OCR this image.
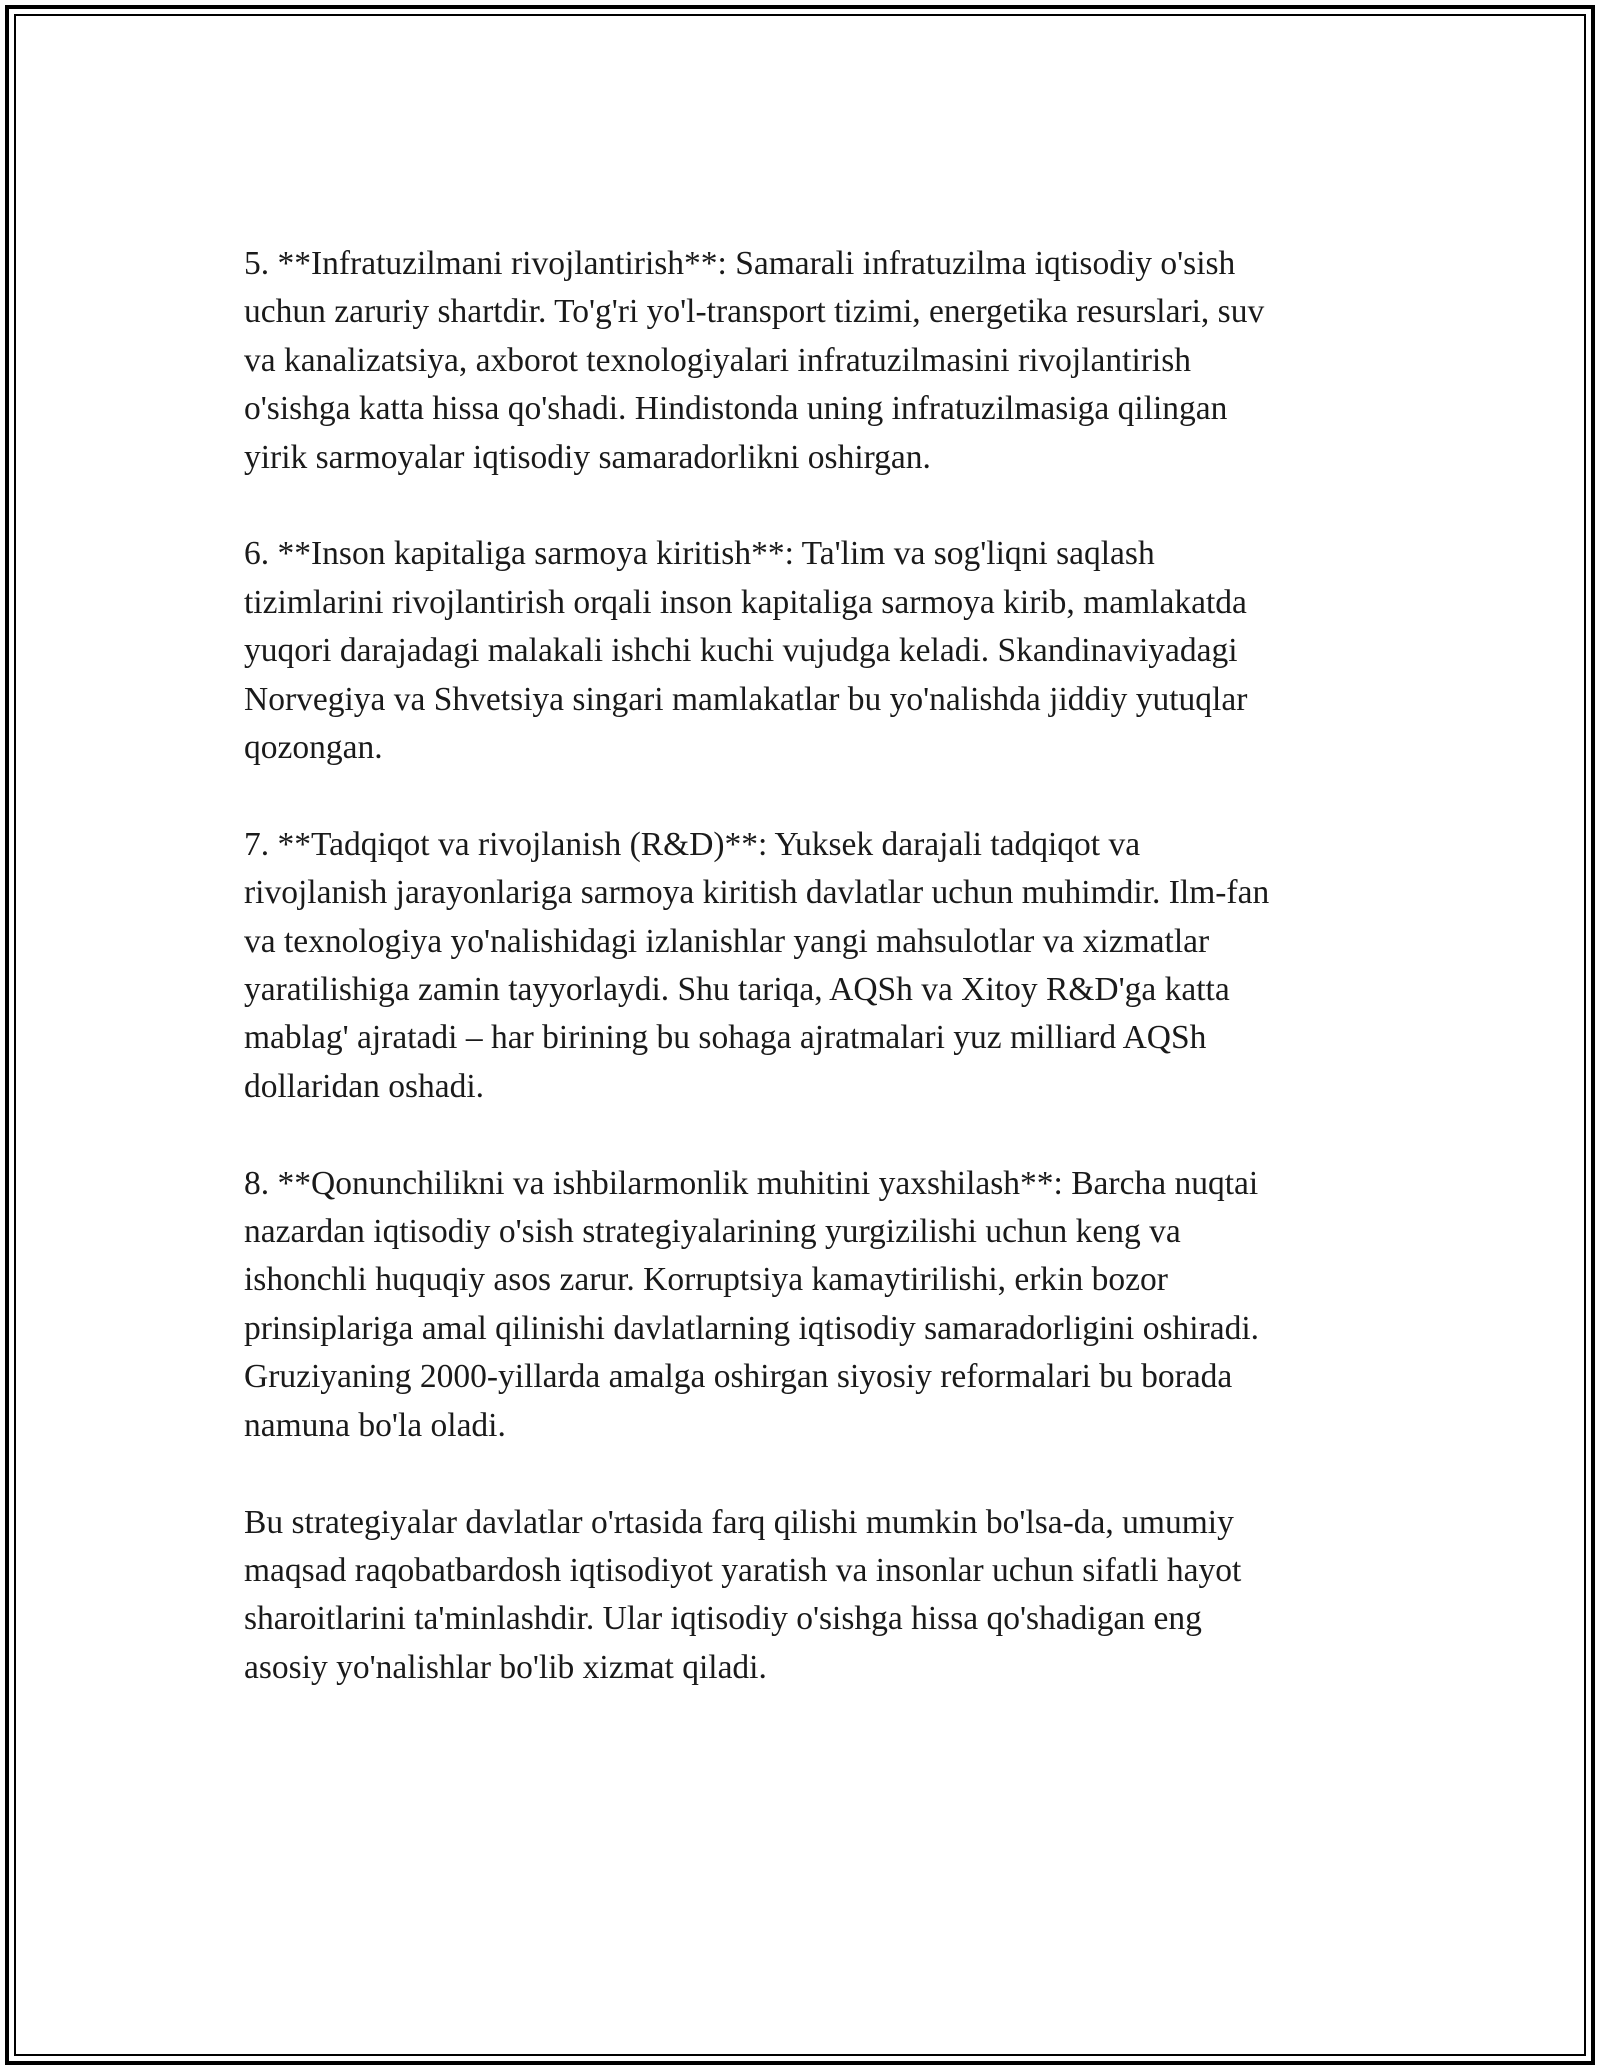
5. **Infratuzilmani rivojlantirish**: Samarali infratuzilma iqtisodiy o'sish
uchun zaruriy shartdir. To'g'ri yo'l-transport tizimi, energetika resurslari, suv
va kanalizatsiya, axborot texnologiyalari infratuzilmasini rivojlantirish
o'sishga katta hissa qo'shadi. Hindistonda uning infratuzilmasiga qilingan
yirik sarmoyalar iqtisodiy samaradorlikni oshirgan.

6. **Inson kapitaliga sarmoya kiritish**: Ta'lim va sog'liqni saqlash
tizimlarini rivojlantirish orqali inson kapitaliga sarmoya kirib, mamlakatda
yuqori darajadagi malakali ishchi kuchi vujudga keladi. Skandinaviyadagi
Norvegiya va Shvetsiya singari mamlakatlar bu yo'nalishda jiddiy yutuqlar
qozongan.

7. **Tadqiqot va rivojlanish (R&D)**: Yuksek darajali tadqiqot va
rivojlanish jarayonlariga sarmoya kiritish davlatlar uchun muhimdir. Ilm-fan
va texnologiya yo'nalishidagi izlanishlar yangi mahsulotlar va xizmatlar
yaratilishiga zamin tayyorlaydi. Shu tariqa, AQSh va Xitoy R&D'ga katta
mablag' ajratadi – har birining bu sohaga ajratmalari yuz milliard AQSh
dollaridan oshadi.

8. **Qonunchilikni va ishbilarmonlik muhitini yaxshilash**: Barcha nuqtai
nazardan iqtisodiy o'sish strategiyalarining yurgizilishi uchun keng va
ishonchli huquqiy asos zarur. Korruptsiya kamaytirilishi, erkin bozor
prinsiplariga amal qilinishi davlatlarning iqtisodiy samaradorligini oshiradi.
Gruziyaning 2000-yillarda amalga oshirgan siyosiy reformalari bu borada
namuna bo'la oladi.

Bu strategiyalar davlatlar o'rtasida farq qilishi mumkin bo'lsa-da, umumiy
maqsad raqobatbardosh iqtisodiyot yaratish va insonlar uchun sifatli hayot
sharoitlarini ta'minlashdir. Ular iqtisodiy o'sishga hissa qo'shadigan eng
asosiy yo'nalishlar bo'lib xizmat qiladi.
